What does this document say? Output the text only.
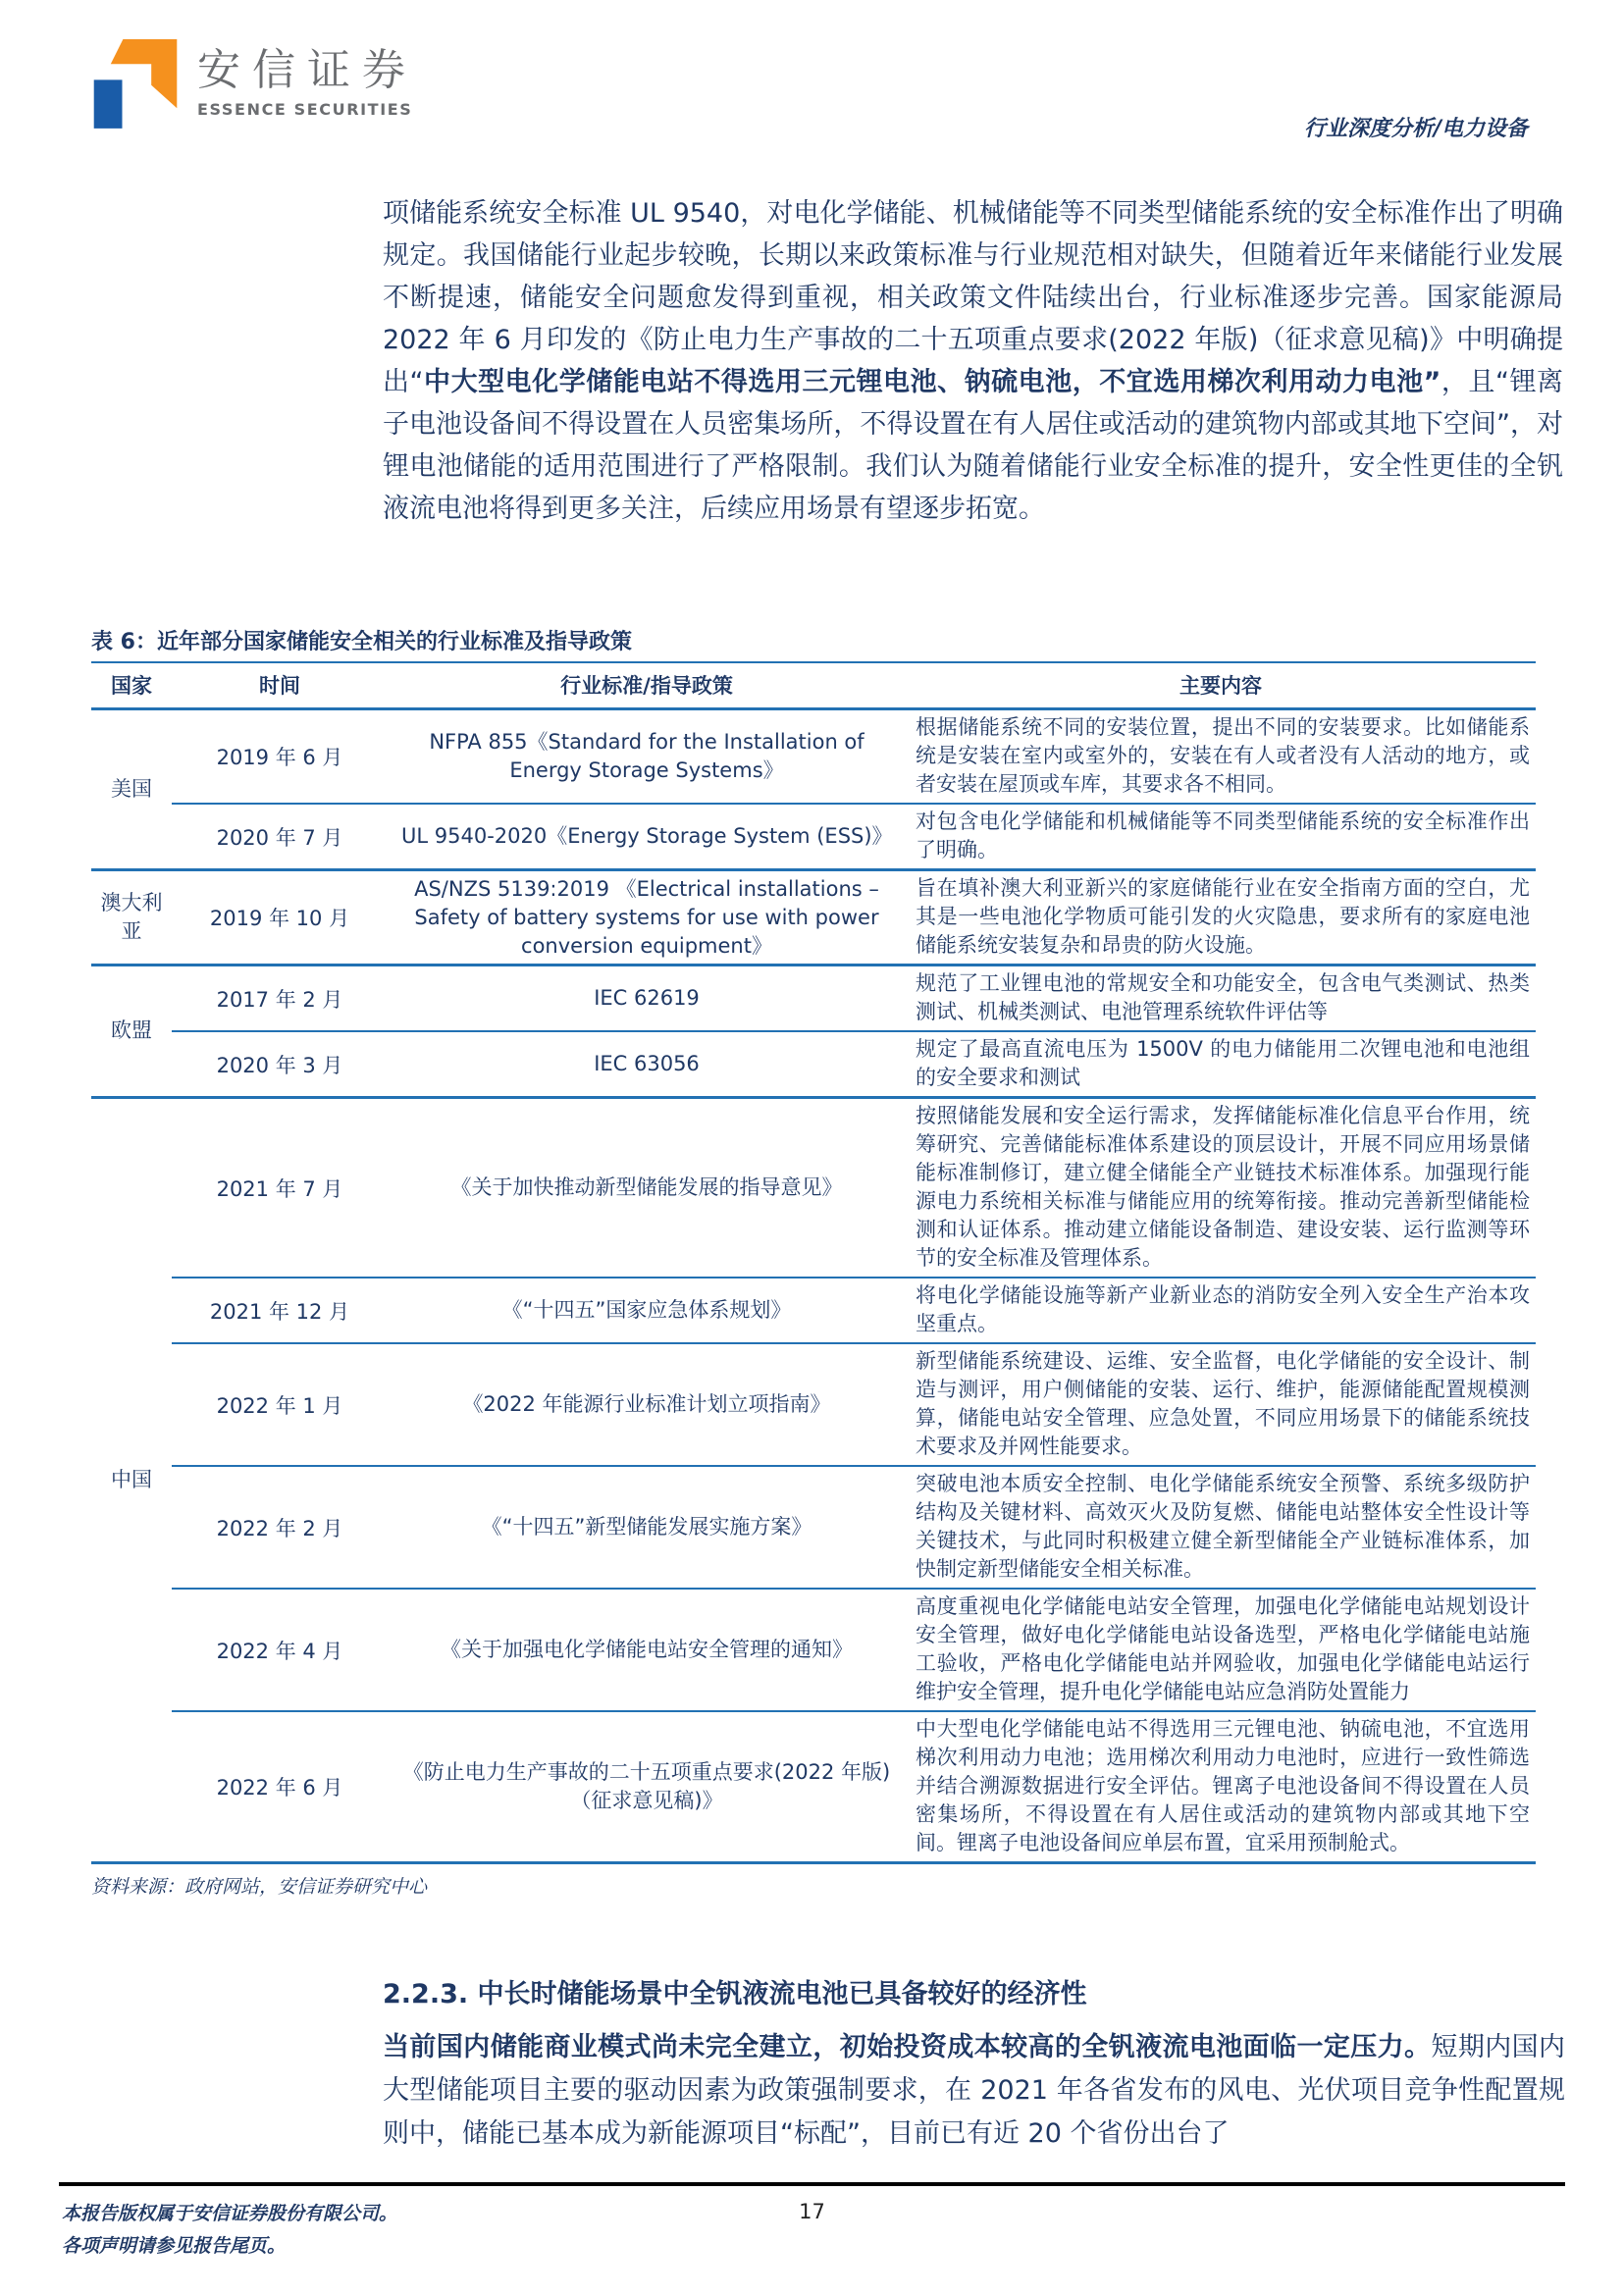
安信证券
ESSENCE SECURITIES
行业深度分析/电力设备

项储能系统安全标准 UL 9540，对电化学储能、机械储能等不同类型储能系统的安全标准作出了明确规定。我国储能行业起步较晚，长期以来政策标准与行业规范相对缺失，但随着近年来储能行业发展不断提速，储能安全问题愈发得到重视，相关政策文件陆续出台，行业标准逐步完善。国家能源局 2022 年 6 月印发的《防止电力生产事故的二十五项重点要求(2022 年版)（征求意见稿)》中明确提出“中大型电化学储能电站不得选用三元锂电池、钠硫电池，不宜选用梯次利用动力电池”，且“锂离子电池设备间不得设置在人员密集场所，不得设置在有人居住或活动的建筑物内部或其地下空间”，对锂电池储能的适用范围进行了严格限制。我们认为随着储能行业安全标准的提升，安全性更佳的全钒液流电池将得到更多关注，后续应用场景有望逐步拓宽。

表 6：近年部分国家储能安全相关的行业标准及指导政策
国家	时间	行业标准/指导政策	主要内容
美国	2019 年 6 月	NFPA 855《Standard for the Installation of Energy Storage Systems》	根据储能系统不同的安装位置，提出不同的安装要求。比如储能系统是安装在室内或室外的，安装在有人或者没有人活动的地方，或者安装在屋顶或车库，其要求各不相同。
	2020 年 7 月	UL 9540-2020《Energy Storage System (ESS)》	对包含电化学储能和机械储能等不同类型储能系统的安全标准作出了明确。
澳大利亚	2019 年 10 月	AS/NZS 5139:2019 《Electrical installations – Safety of battery systems for use with power conversion equipment》	旨在填补澳大利亚新兴的家庭储能行业在安全指南方面的空白，尤其是一些电池化学物质可能引发的火灾隐患，要求所有的家庭电池储能系统安装复杂和昂贵的防火设施。
欧盟	2017 年 2 月	IEC 62619	规范了工业锂电池的常规安全和功能安全，包含电气类测试、热类测试、机械类测试、电池管理系统软件评估等
	2020 年 3 月	IEC 63056	规定了最高直流电压为 1500V 的电力储能用二次锂电池和电池组的安全要求和测试
中国	2021 年 7 月	《关于加快推动新型储能发展的指导意见》	按照储能发展和安全运行需求，发挥储能标准化信息平台作用，统筹研究、完善储能标准体系建设的顶层设计，开展不同应用场景储能标准制修订，建立健全储能全产业链技术标准体系。加强现行能源电力系统相关标准与储能应用的统筹衔接。推动完善新型储能检测和认证体系。推动建立储能设备制造、建设安装、运行监测等环节的安全标准及管理体系。
	2021 年 12 月	《“十四五”国家应急体系规划》	将电化学储能设施等新产业新业态的消防安全列入安全生产治本攻坚重点。
	2022 年 1 月	《2022 年能源行业标准计划立项指南》	新型储能系统建设、运维、安全监督，电化学储能的安全设计、制造与测评，用户侧储能的安装、运行、维护，能源储能配置规模测算，储能电站安全管理、应急处置，不同应用场景下的储能系统技术要求及并网性能要求。
	2022 年 2 月	《“十四五”新型储能发展实施方案》	突破电池本质安全控制、电化学储能系统安全预警、系统多级防护结构及关键材料、高效灭火及防复燃、储能电站整体安全性设计等关键技术，与此同时积极建立健全新型储能全产业链标准体系，加快制定新型储能安全相关标准。
	2022 年 4 月	《关于加强电化学储能电站安全管理的通知》	高度重视电化学储能电站安全管理，加强电化学储能电站规划设计安全管理，做好电化学储能电站设备选型，严格电化学储能电站施工验收，严格电化学储能电站并网验收，加强电化学储能电站运行维护安全管理，提升电化学储能电站应急消防处置能力
	2022 年 6 月	《防止电力生产事故的二十五项重点要求(2022 年版)（征求意见稿)》	中大型电化学储能电站不得选用三元锂电池、钠硫电池，不宜选用梯次利用动力电池；选用梯次利用动力电池时，应进行一致性筛选并结合溯源数据进行安全评估。锂离子电池设备间不得设置在人员密集场所，不得设置在有人居住或活动的建筑物内部或其地下空间。锂离子电池设备间应单层布置，宜采用预制舱式。
资料来源：政府网站，安信证券研究中心
2.2.3. 中长时储能场景中全钒液流电池已具备较好的经济性

当前国内储能商业模式尚未完全建立，初始投资成本较高的全钒液流电池面临一定压力。短期内国内大型储能项目主要的驱动因素为政策强制要求，在 2021 年各省发布的风电、光伏项目竞争性配置规则中，储能已基本成为新能源项目“标配”，目前已有近 20 个省份出台了

本报告版权属于安信证券股份有限公司。
各项声明请参见报告尾页。
17
